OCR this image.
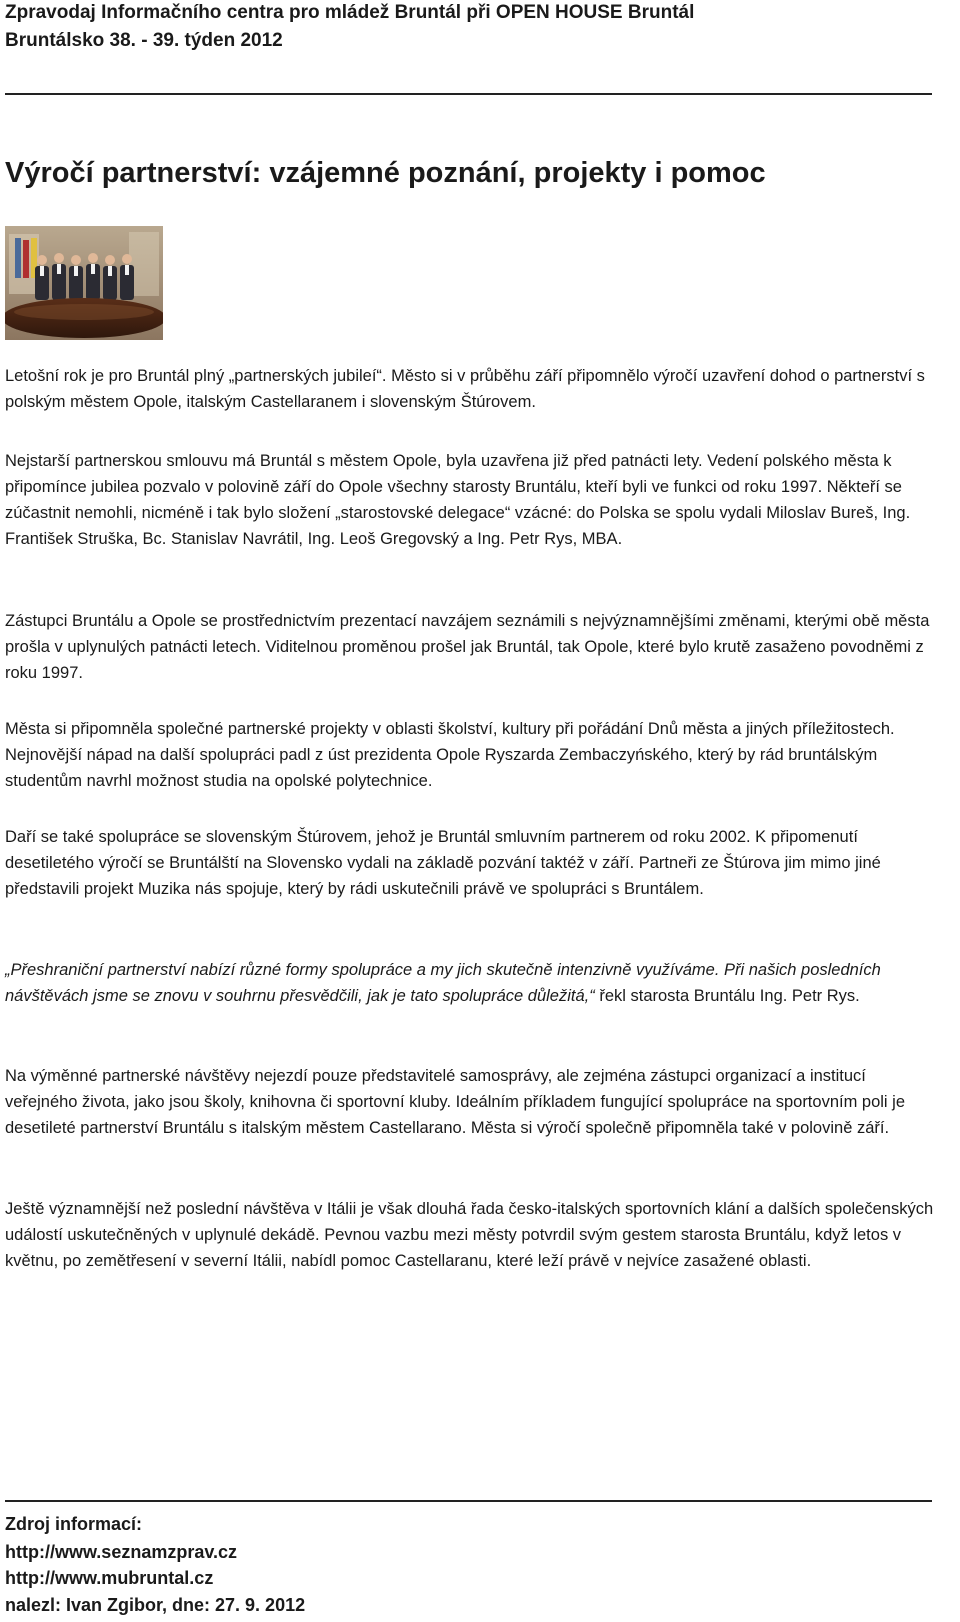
Zpravodaj Informačního centra pro mládež Bruntál při OPEN HOUSE Bruntál
Bruntálsko 38. - 39. týden 2012
Výročí partnerství: vzájemné poznání, projekty i pomoc

Letošní rok je pro Bruntál plný „partnerských jubileí“. Město si v průběhu září připomnělo výročí uzavření dohod o partnerství s polským městem Opole, italským Castellaranem i slovenským Štúrovem.

Nejstarší partnerskou smlouvu má Bruntál s městem Opole, byla uzavřena již před patnácti lety. Vedení polského města k připomínce jubilea pozvalo v polovině září do Opole všechny starosty Bruntálu, kteří byli ve funkci od roku 1997. Někteří se zúčastnit nemohli, nicméně i tak bylo složení „starostovské delegace“ vzácné: do Polska se spolu vydali Miloslav Bureš, Ing. František Struška, Bc. Stanislav Navrátil, Ing. Leoš Gregovský a Ing. Petr Rys, MBA.

Zástupci Bruntálu a Opole se prostřednictvím prezentací navzájem seznámili s nejvýznamnějšími změnami, kterými obě města prošla v uplynulých patnácti letech. Viditelnou proměnou prošel jak Bruntál, tak Opole, které bylo krutě zasaženo povodněmi z roku 1997.

Města si připomněla společné partnerské projekty v oblasti školství, kultury při pořádání Dnů města a jiných příležitostech. Nejnovější nápad na další spolupráci padl z úst prezidenta Opole Ryszarda Zembaczyńského, který by rád bruntálským studentům navrhl možnost studia na opolské polytechnice.

Daří se také spolupráce se slovenským Štúrovem, jehož je Bruntál smluvním partnerem od roku 2002. K připomenutí desetiletého výročí se Bruntálští na Slovensko vydali na základě pozvání taktéž v září. Partneři ze Štúrova jim mimo jiné představili projekt Muzika nás spojuje, který by rádi uskutečnili právě ve spolupráci s Bruntálem.

„Přeshraniční partnerství nabízí různé formy spolupráce a my jich skutečně intenzivně využíváme. Při našich posledních návštěvách jsme se znovu v souhrnu přesvědčili, jak je tato spolupráce důležitá,“ řekl starosta Bruntálu Ing. Petr Rys.

Na výměnné partnerské návštěvy nejezdí pouze představitelé samosprávy, ale zejména zástupci organizací a institucí veřejného života, jako jsou školy, knihovna či sportovní kluby. Ideálním příkladem fungující spolupráce na sportovním poli je desetileté partnerství Bruntálu s italským městem Castellarano. Města si výročí společně připomněla také v polovině září.

Ještě významnější než poslední návštěva v Itálii je však dlouhá řada česko-italských sportovních klání a dalších společenských událostí uskutečněných v uplynulé dekádě. Pevnou vazbu mezi městy potvrdil svým gestem starosta Bruntálu, když letos v květnu, po zemětřesení v severní Itálii, nabídl pomoc Castellaranu, které leží právě v nejvíce zasažené oblasti.

Zdroj informací:
http://www.seznamzprav.cz
http://www.mubruntal.cz
nalezl: Ivan Zgibor, dne: 27. 9. 2012
